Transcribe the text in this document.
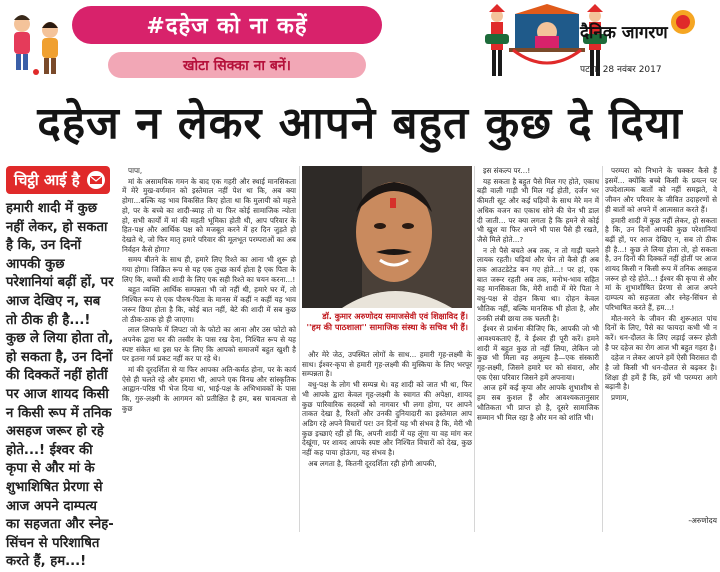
#दहेज को ना कहें
खोटा सिक्का ना बनें।
दैनिक जागरण
पटना, 28 नवंबर 2017
दहेज न लेकर आपने बहुत कुछ दे दिया
चिट्ठी आई है
हमारी शादी में कुछ नहीं लेकर, हो सकता है कि, उन दिनों आपकी कुछ परेशानियां बढ़ीं हों, पर आज देखिए न, सब तो ठीक ही है...! कुछ ले लिया होता तो, हो सकता है, उन दिनों की दिक्कतें नहीं होतीं पर आज शायद किसी न किसी रूप में तनिक असहज जरूर हो रहे होते...! ईश्वर की कृपा से और मां के शुभाशिषित प्रेरणा से आज अपने दाम्पत्य का सहजता और स्नेह-सिंचन से परिशाषित करते हैं, हम...!

पापा,

मां के असामयिक गमन के बाद एक गहरी और स्थाई मानसिकता में मेरे मुख-वर्णमान को इस्तेमाल नहीं पेश था कि, अब क्या होगा...बल्कि यह भाव विकसित किए होता था कि मुलायी को महत्ते हो, पर के बच्चे का शादी-ब्याह तो या फिर कोई सामाजिक न्योता हो, सभी कार्यों में मां की महती भूमिका होती थी, आप परिवार के हित-पक्ष और आर्थिक पक्ष को मजबूत करने में हर दिन जुड़ते हो देखते थे, जो फिर मातृ हमारे परिवार की मूलभूत परम्पराओं का अब निर्वहन कैसे होगा?

समय बीतने के साथ ही, हमारे लिए रिश्ते का आना भी शुरू हो गया होगा। जिक्रित रूप से यह एक तुच्छ कार्य होता है एक पिता के लिए कि, बच्चों की शादी के लिए एक सही रिश्ते का चयन करना...!

बहुत व्यक्ति आर्थिक सम्पन्नता भी जो नहीं थी, हमारे घर में, तो निश्चित रूप से एक पौरुष-पिता के मानस में कहीं न कहीं यह भाव जरूर छिपा होता है कि, कोई बात नहीं, बेटे की शादी में सब कुछ तो ठीक-ठाक हो ही जाएगा।

लाल लिफाफे में लिपटा जो के फोटो का आना और उस फोटो को अपनेक द्वारा घर की तस्वीर के पास रख देना, निश्चित रूप से यह स्पष्ट संकेत था इस घर के लिए कि आपको समाजमें बहुत खुशी है पर इतना गर्व प्रकट नहीं कर पा रहे थे।

मां की दूरदर्शिता से या फिर आपका अति-कर्मठ होना, पर के कार्य ऐसे ही चलते रहे और हमारा भी, आपने एक विनम्र और सांस्कृतिक आह्वान-परिष्ठ भी भेज दिया था, भाई-पक्ष के अभिभावकों के पास कि, गुरु-लक्ष्मी के आगमन को प्रतीक्षित है हम, बस चावत्यता से कुछ

डॉ. कुमार अरुणोदय समाजसेवी एवं शिक्षाविद हैं। ''हम की पाठशाला'' सामाजिक संस्था के सचिव भी हैं।

और मेरे जेठ, उपस्थित लोगों के साथ... हमारी गृह-लक्ष्मी के साथ। ईश्वर-कृपा से हमारी गृह-लक्ष्मी की मुस्किया के लिए भरपूर सम्पन्नता है।

वधु-पक्ष के लोग भी सम्पन्न थे। वह शादी को जात भी था, फिर भी आपके द्वारा केवल गृह-लक्ष्मी के स्वागत की अपेक्षा, शायद कुछ पारिवारिक सदस्यों को नागवार भी लगा होगा, पर आपने ताकत देखा है, रिश्तों और उनकी दुनियादारी का इस्तेमाल आप अडिग रहे अपने विचारों पर! उन दिनों यह भी संभव है कि, मेरी भी कुछ इच्छाएं रही हों कि, अपनी शादी में यह लूंगा या वह मांग कर देखूंगा, पर शायद आपके स्पष्ट और निश्चित विचारों को देख, कुछ नहीं कह पाया होऊंगा, यह संभव है।

अब लगता है, कितनी दूरदर्शिता रही होगी आपकी,

इस संकल्प पर...!

यह सकता है बहुत पैसे मिल गए होते, एकाध बड़ी वाली गाड़ी भी मिल गई होती, दर्जन भर कीमती सूट और कई घड़ियों के साथ मेरे मन में अधिक वजन का एकाध सोने की चेन भी डाल दी जाती... पर क्या लगता है कि हमने से कोई भी खुश या फिर अपने भी पास पैसे ही रखते, जैसे मिले होते...?

न तो पैसे बचते अब तक, न तो गाड़ी चलने लायक रहती। घड़ियां और चेन तो कैसे ही अब तक आउटडेटेड बन गए होते...! पर हां, एक बात जरूर रहती अब तक, मनोभ-भाव सहित वह मानसिकता कि, मेरी शादी में मेरे पिता ने वधु-पक्ष से दोहन किया था। दोहन केवल भौतिक नहीं, बल्कि मानसिक भी होता है, और उनकी लंबी छाया तक चलती है।

ईश्वर से प्रार्थना कीजिए कि, आपकी जो भी आवश्यकताएं हैं, वे ईश्वर ही पूरी करें। हमने शादी में बहुत कुछ तो नहीं लिया, लेकिन जो कुछ भी मिला वह अमूल्य है—एक संस्कारी गृह-लक्ष्मी, जिसने हमारे घर को संवारा, और एक ऐसा परिवार जिसने हमें अपनाया।

आज हमें कई कृपा और आपके शुभाशीष से हम सब कुशल हैं और आवश्यकतानुसार भौतिकता भी प्राप्त हो है, दूसरे सामाजिक सम्मान भी मिल रहा है और मन को शांति भी।

परम्परा को निभाने के चक्कर कैसे हैं इसमें... क्योंकि बच्चे किसी के प्रयत्न पर उपदेशात्मक बातों को नहीं समझते, वे जीवन और परिवार के जीवित उदाहरणों से ही बातों को अपने में आत्मसात करते हैं।

हमारी शादी में कुछ नहीं लेकर, हो सकता है कि, उन दिनों आपकी कुछ परेशानियां बढ़ीं हों, पर आज देखिए न, सब तो ठीक ही है...! कुछ ले लिया होता तो, हो सकता है, उन दिनों की दिक्कतें नहीं होतीं पर आज शायद किसी न किसी रूप में तनिक असहज जरूर हो रहे होते...! ईश्वर की कृपा से और मां के शुभाशीषित प्रेरणा से आज अपने दाम्पत्य को सहजता और स्नेह-सिंचन से परिभाषित करते हैं, हम...!

मौत-मरने के जीवन की शुरूआत पांच दिनों के लिए, पैसे का फायदा कभी भी न करें। धन-दौलत के लिए लड़ाई जरूर होती है पर दहेज का रोग आज भी बहुत गहरा है।

दहेज न लेकर आपने हमें ऐसी विरासत दी है जो किसी भी धन-दौलत से बढ़कर है। शिक्षा ही हमें हैं कि, हमें भी परम्परा आगे बढ़ानी है।

प्रणाम,

-अरुणोदय
